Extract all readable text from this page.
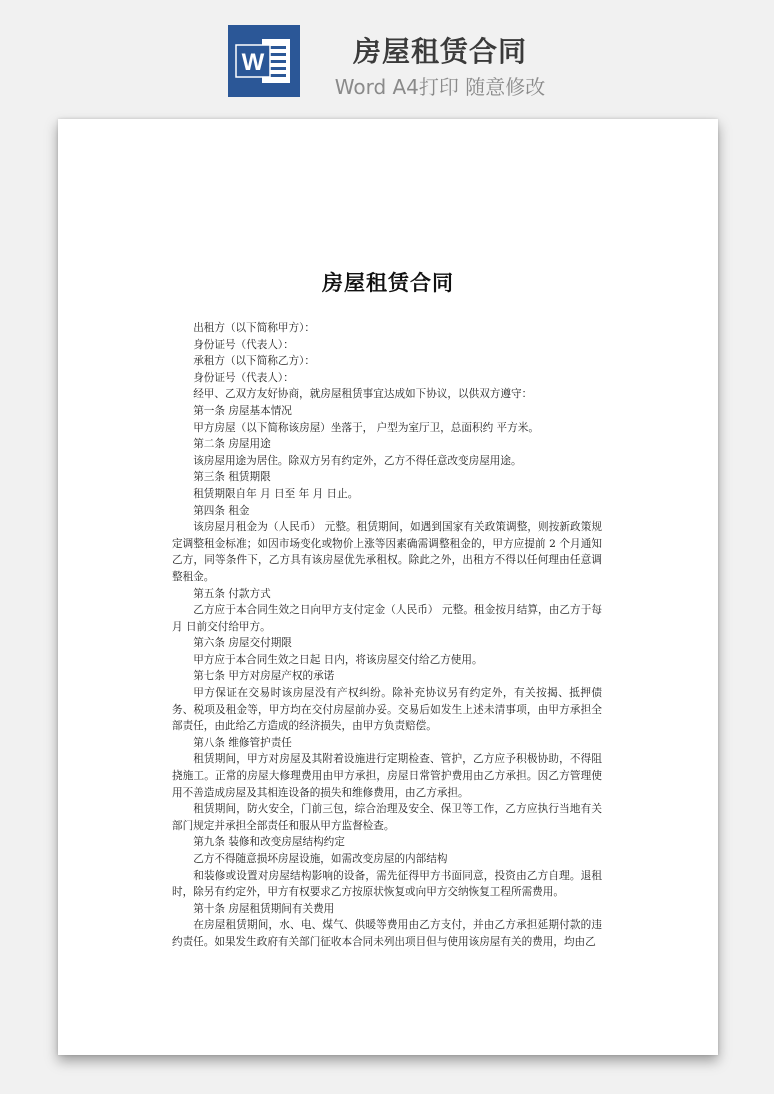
W	房屋租赁合同
Word A4打印 随意修改
房屋租赁合同

出租方（以下简称甲方）：

身份证号（代表人）：

承租方（以下简称乙方）：

身份证号（代表人）：

经甲、乙双方友好协商，就房屋租赁事宜达成如下协议，以供双方遵守：

第一条 房屋基本情况

甲方房屋（以下简称该房屋）坐落于， 户型为室厅卫，总面积约 平方米。

第二条 房屋用途

该房屋用途为居住。除双方另有约定外，乙方不得任意改变房屋用途。

第三条 租赁期限

租赁期限自年 月 日至 年 月 日止。

第四条 租金

该房屋月租金为（人民币） 元整。租赁期间，如遇到国家有关政策调整，则按新政策规定调整租金标准；如因市场变化或物价上涨等因素确需调整租金的，甲方应提前 2 个月通知乙方，同等条件下，乙方具有该房屋优先承租权。除此之外，出租方不得以任何理由任意调整租金。

第五条 付款方式

乙方应于本合同生效之日向甲方支付定金（人民币） 元整。租金按月结算，由乙方于每月 日前交付给甲方。

第六条 房屋交付期限

甲方应于本合同生效之日起 日内，将该房屋交付给乙方使用。

第七条 甲方对房屋产权的承诺

甲方保证在交易时该房屋没有产权纠纷。除补充协议另有约定外，有关按揭、抵押债务、税项及租金等，甲方均在交付房屋前办妥。交易后如发生上述未清事项，由甲方承担全部责任，由此给乙方造成的经济损失，由甲方负责赔偿。

第八条 维修管护责任

租赁期间，甲方对房屋及其附着设施进行定期检查、管护，乙方应予积极协助，不得阻挠施工。正常的房屋大修理费用由甲方承担，房屋日常管护费用由乙方承担。因乙方管理使用不善造成房屋及其相连设备的损失和维修费用，由乙方承担。

租赁期间，防火安全，门前三包，综合治理及安全、保卫等工作，乙方应执行当地有关部门规定并承担全部责任和服从甲方监督检查。

第九条 装修和改变房屋结构约定

乙方不得随意损坏房屋设施，如需改变房屋的内部结构

和装修或设置对房屋结构影响的设备，需先征得甲方书面同意，投资由乙方自理。退租时，除另有约定外，甲方有权要求乙方按原状恢复或向甲方交纳恢复工程所需费用。

第十条 房屋租赁期间有关费用

在房屋租赁期间，水、电、煤气、供暖等费用由乙方支付，并由乙方承担延期付款的违约责任。如果发生政府有关部门征收本合同未列出项目但与使用该房屋有关的费用，均由乙
